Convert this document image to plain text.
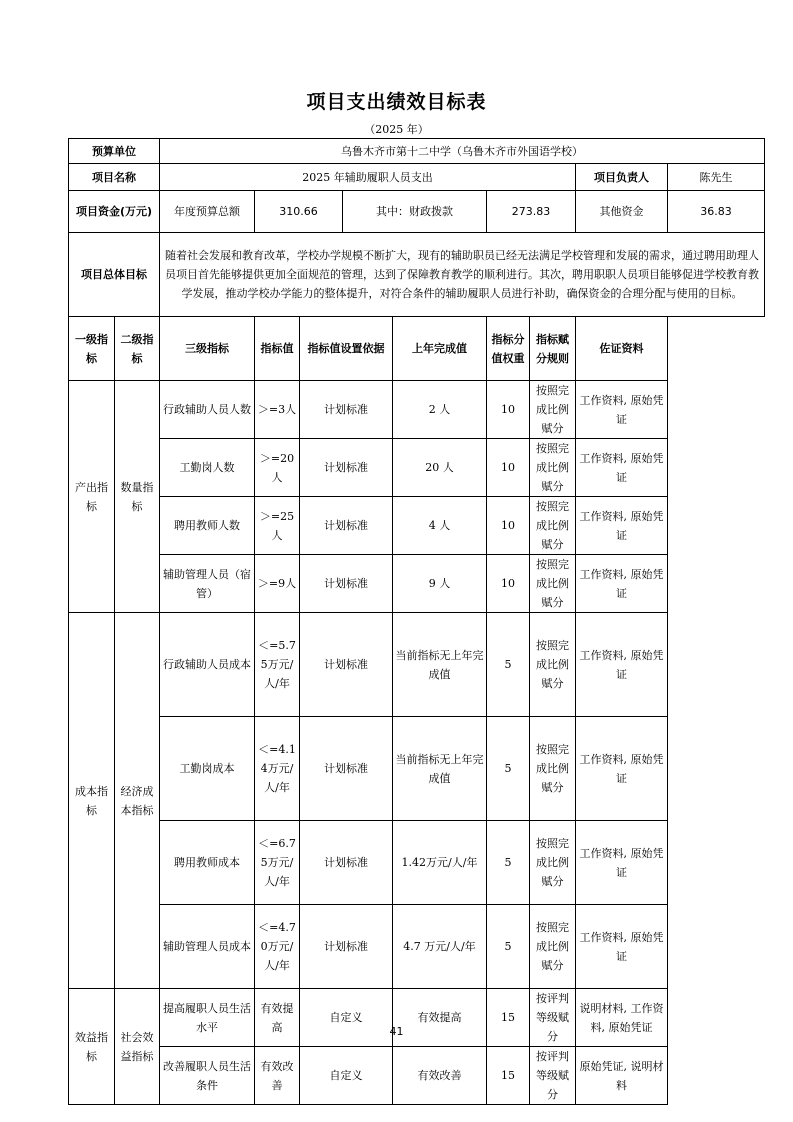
项目支出绩效目标表
（2025 年）
预算单位		乌鲁木齐市第十二中学（乌鲁木齐市外国语学校）								
项目名称		2025 年辅助履职人员支出							项目负责人	陈先生
项目资金(万元)		年度预算总额	310.66		其中：财政拨款		273.83		其他资金	36.83
项目总体目标		随着社会发展和教育改革，学校办学规模不断扩大，现有的辅助职员已经无法满足学校管理和发展的需求，通过聘用助理人员项目首先能够提供更加全面规范的管理，达到了保障教育教学的顺利进行。其次，聘用职职人员项目能够促进学校教育教学发展，推动学校办学能力的整体提升，对符合条件的辅助履职人员进行补助，确保资金的合理分配与使用的目标。								
一级指标	二级指标	三级指标	指标值	指标值设置依据		上年完成值	指标分值权重	指标赋分规则	佐证资料	
产出指标	数量指标	行政辅助人员人数	＞=3人	计划标准		2 人	10	按照完成比例赋分	工作资料, 原始凭证	
		工勤岗人数	＞=20人	计划标准		20 人	10	按照完成比例赋分	工作资料, 原始凭证	
		聘用教师人数	＞=25人	计划标准		4 人	10	按照完成比例赋分	工作资料, 原始凭证	
		辅助管理人员（宿管）	＞=9人	计划标准		9 人	10	按照完成比例赋分	工作资料, 原始凭证	
成本指标	经济成本指标	行政辅助人员成本	＜=5.75万元/人/年	计划标准		当前指标无上年完成值	5	按照完成比例赋分	工作资料, 原始凭证	
		工勤岗成本	＜=4.14万元/人/年	计划标准		当前指标无上年完成值	5	按照完成比例赋分	工作资料, 原始凭证	
		聘用教师成本	＜=6.75万元/人/年	计划标准		1.42万元/人/年	5	按照完成比例赋分	工作资料, 原始凭证	
		辅助管理人员成本	＜=4.70万元/人/年	计划标准		4.7 万元/人/年	5	按照完成比例赋分	工作资料, 原始凭证	
效益指标	社会效益指标	提高履职人员生活水平	有效提高	自定义		有效提高	15	按评判等级赋分	说明材料, 工作资料, 原始凭证	
		改善履职人员生活条件	有效改善	自定义		有效改善	15	按评判等级赋分	原始凭证, 说明材料	
41
